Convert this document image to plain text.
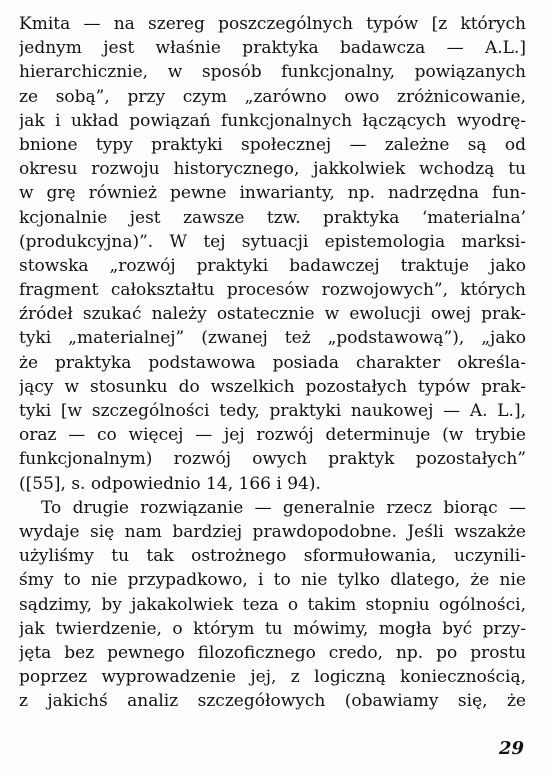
Kmita — na szereg poszczególnych typów [z których
jednym jest właśnie praktyka badawcza — A.L.]
hierarchicznie, w sposób funkcjonalny, powiązanych
ze sobą”, przy czym „zarówno owo zróżnicowanie,
jak i układ powiązań funkcjonalnych łączących wyodrę-
bnione typy praktyki społecznej — zależne są od
okresu rozwoju historycznego, jakkolwiek wchodzą tu
w grę również pewne inwarianty, np. nadrzędna fun-
kcjonalnie jest zawsze tzw. praktyka ‘materialna’
(produkcyjna)”. W tej sytuacji epistemologia marksi-
stowska „rozwój praktyki badawczej traktuje jako
fragment całokształtu procesów rozwojowych”, których
źródeł szukać należy ostatecznie w ewolucji owej prak-
tyki „materialnej” (zwanej też „podstawową”), „jako
że praktyka podstawowa posiada charakter określa-
jący w stosunku do wszelkich pozostałych typów prak-
tyki [w szczególności tedy, praktyki naukowej — A. L.],
oraz — co więcej — jej rozwój determinuje (w trybie
funkcjonalnym) rozwój owych praktyk pozostałych”
([55], s. odpowiednio 14, 166 i 94).
To drugie rozwiązanie — generalnie rzecz biorąc —
wydaje się nam bardziej prawdopodobne. Jeśli wszakże
użyliśmy tu tak ostrożnego sformułowania, uczynili-
śmy to nie przypadkowo, i to nie tylko dlatego, że nie
sądzimy, by jakakolwiek teza o takim stopniu ogólności,
jak twierdzenie, o którym tu mówimy, mogła być przy-
jęta bez pewnego filozoficznego credo, np. po prostu
poprzez wyprowadzenie jej, z logiczną koniecznością,
z jakichś analiz szczegółowych (obawiamy się, że
29
